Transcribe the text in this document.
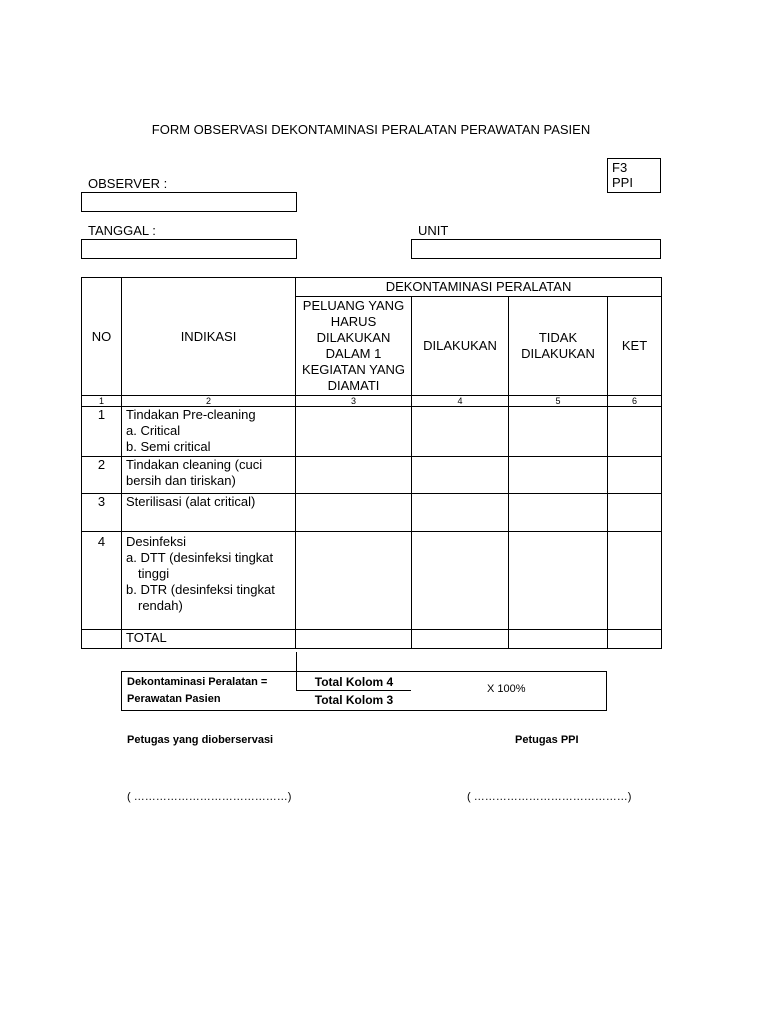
FORM OBSERVASI DEKONTAMINASI PERALATAN PERAWATAN PASIEN
F3
PPI
OBSERVER :
TANGGAL :	UNIT
NO	INDIKASI	DEKONTAMINASI PERALATAN			
		PELUANG YANG HARUS DILAKUKAN DALAM 1 KEGIATAN YANG DIAMATI	DILAKUKAN	TIDAK DILAKUKAN	KET
1	2	3	4	5	6
1	Tindakan Pre-cleaning

a. Critical

b. Semi critical				

2	Tindakan cleaning (cuci bersih dan tiriskan)				

3	Sterilisasi (alat critical)				

4	Desinfeksi

a. DTT (desinfeksi tingkat tinggi

b. DTR (desinfeksi tingkat rendah)				

	TOTAL				
Dekontaminasi Peralatan =
Perawatan Pasien
Total Kolom 4
Total Kolom 3
X 100%
Petugas yang dioberservasi	Petugas PPI
( ……………………………………)	( ……………………………………)
